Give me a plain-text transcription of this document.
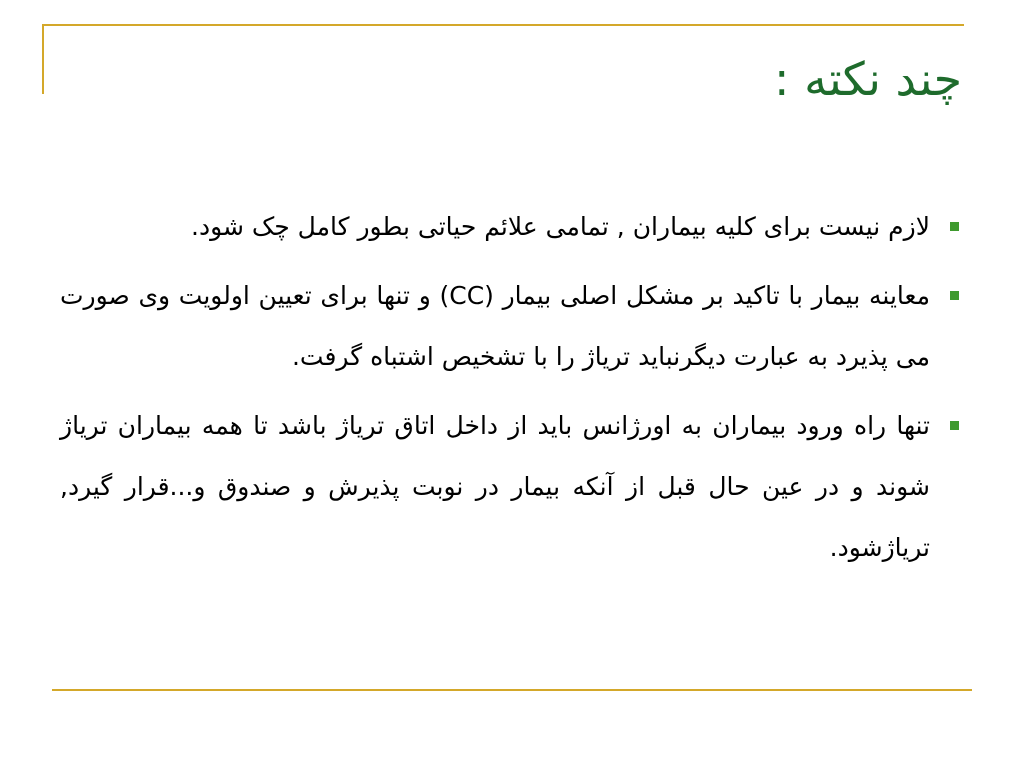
چند نکته :
لازم نیست برای کلیه بیماران , تمامی علائم حیاتی بطور کامل چک شود.
معاینه بیمار با تاکید بر مشکل اصلی بیمار (CC) و تنها برای تعیین اولویت وی صورت می پذیرد به عبارت دیگرنباید ترياژ را با تشخیص اشتباه گرفت.
تنها راه ورود بیماران به اورژانس باید از داخل اتاق ترياژ باشد تا همه بیماران ترياژ شوند و در عین حال قبل از آنکه بیمار در نوبت پذیرش و صندوق و...قرار گیرد, ترياژشود.
